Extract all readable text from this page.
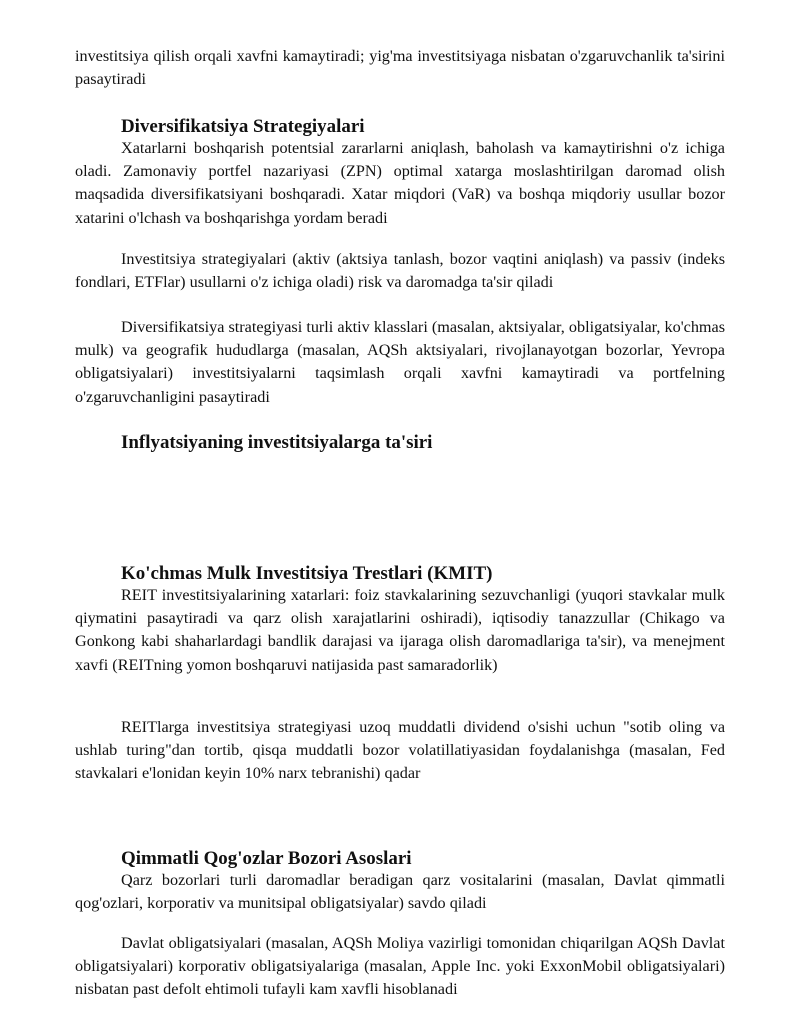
investitsiya qilish orqali xavfni kamaytiradi; yig'ma investitsiyaga nisbatan o'zgaruvchanlik ta'sirini pasaytiradi

Diversifikatsiya Strategiyalari

Xatarlarni boshqarish potentsial zararlarni aniqlash, baholash va kamaytirishni o'z ichiga oladi. Zamonaviy portfel nazariyasi (ZPN) optimal xatarga moslashtirilgan daromad olish maqsadida diversifikatsiyani boshqaradi. Xatar miqdori (VaR) va boshqa miqdoriy usullar bozor xatarini o'lchash va boshqarishga yordam beradi

Investitsiya strategiyalari (aktiv (aktsiya tanlash, bozor vaqtini aniqlash) va passiv (indeks fondlari, ETFlar) usullarni o'z ichiga oladi) risk va daromadga ta'sir qiladi

Diversifikatsiya strategiyasi turli aktiv klasslari (masalan, aktsiyalar, obligatsiyalar, ko'chmas mulk) va geografik hududlarga (masalan, AQSh aktsiyalari, rivojlanayotgan bozorlar, Yevropa obligatsiyalari) investitsiyalarni taqsimlash orqali xavfni kamaytiradi va portfelning o'zgaruvchanligini pasaytiradi

Inflyatsiyaning investitsiyalarga ta'siri
Ko'chmas Mulk Investitsiya Trestlari (KMIT)

REIT investitsiyalarining xatarlari: foiz stavkalarining sezuvchanligi (yuqori stavkalar mulk qiymatini pasaytiradi va qarz olish xarajatlarini oshiradi), iqtisodiy tanazzullar (Chikago va Gonkong kabi shaharlardagi bandlik darajasi va ijaraga olish daromadlariga ta'sir), va menejment xavfi (REITning yomon boshqaruvi natijasida past samaradorlik)

REITlarga investitsiya strategiyasi uzoq muddatli dividend o'sishi uchun "sotib oling va ushlab turing"dan tortib, qisqa muddatli bozor volatillatiyasidan foydalanishga (masalan, Fed stavkalari e'lonidan keyin 10% narx tebranishi) qadar

Qimmatli Qog'ozlar Bozori Asoslari

Qarz bozorlari turli daromadlar beradigan qarz vositalarini (masalan, Davlat qimmatli qog'ozlari, korporativ va munitsipal obligatsiyalar) savdo qiladi

Davlat obligatsiyalari (masalan, AQSh Moliya vazirligi tomonidan chiqarilgan AQSh Davlat obligatsiyalari) korporativ obligatsiyalariga (masalan, Apple Inc. yoki ExxonMobil obligatsiyalari) nisbatan past defolt ehtimoli tufayli kam xavfli hisoblanadi
